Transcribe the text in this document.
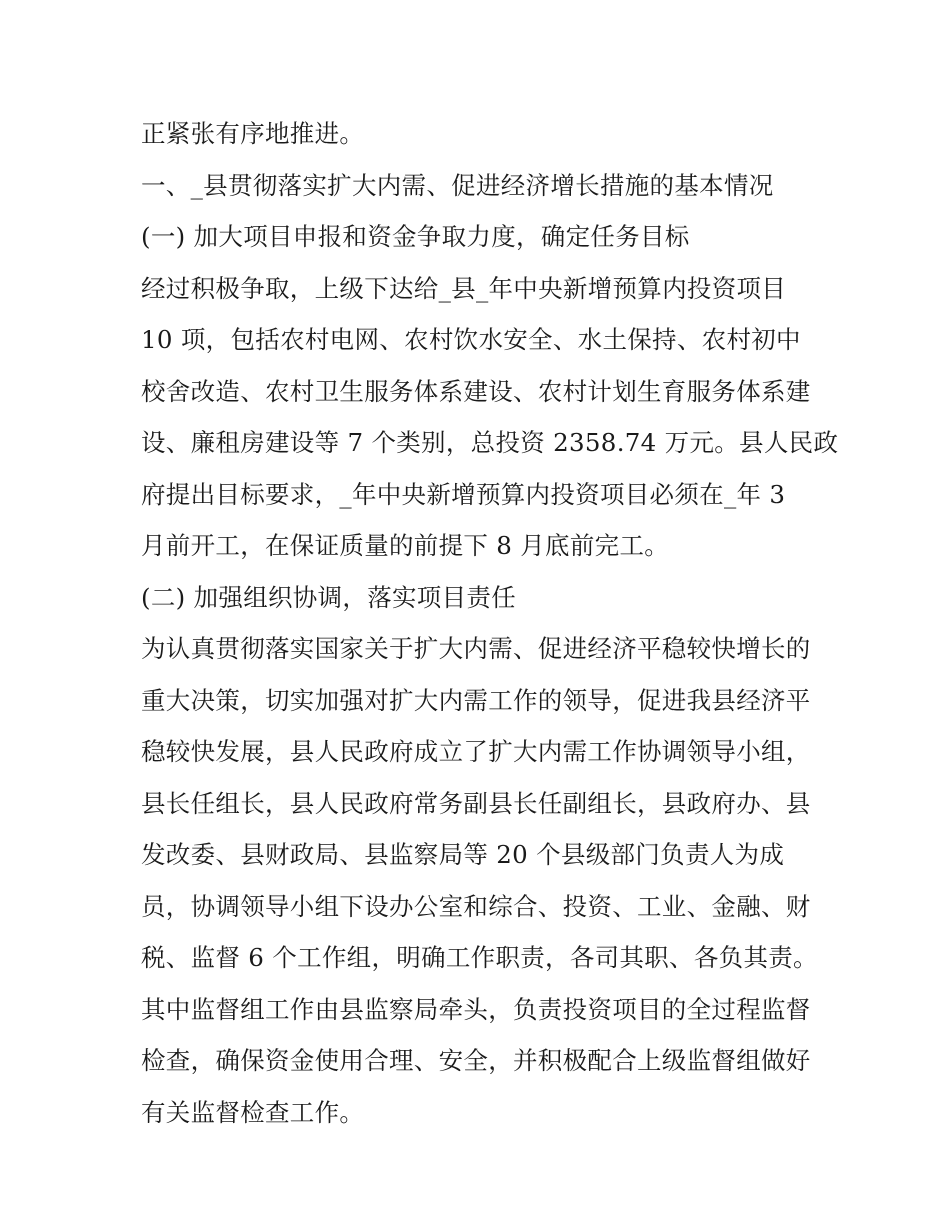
正紧张有序地推进。
一、_县贯彻落实扩大内需、促进经济增长措施的基本情况
(一) 加大项目申报和资金争取力度，确定任务目标
经过积极争取，上级下达给_县_年中央新增预算内投资项目
10 项，包括农村电网、农村饮水安全、水土保持、农村初中
校舍改造、农村卫生服务体系建设、农村计划生育服务体系建
设、廉租房建设等 7 个类别，总投资 2358.74 万元。县人民政
府提出目标要求，_年中央新增预算内投资项目必须在_年 3
月前开工，在保证质量的前提下 8 月底前完工。
(二) 加强组织协调，落实项目责任
为认真贯彻落实国家关于扩大内需、促进经济平稳较快增长的
重大决策，切实加强对扩大内需工作的领导，促进我县经济平
稳较快发展，县人民政府成立了扩大内需工作协调领导小组，
县长任组长，县人民政府常务副县长任副组长，县政府办、县
发改委、县财政局、县监察局等 20 个县级部门负责人为成
员，协调领导小组下设办公室和综合、投资、工业、金融、财
税、监督 6 个工作组，明确工作职责，各司其职、各负其责。
其中监督组工作由县监察局牵头，负责投资项目的全过程监督
检查，确保资金使用合理、安全，并积极配合上级监督组做好
有关监督检查工作。
